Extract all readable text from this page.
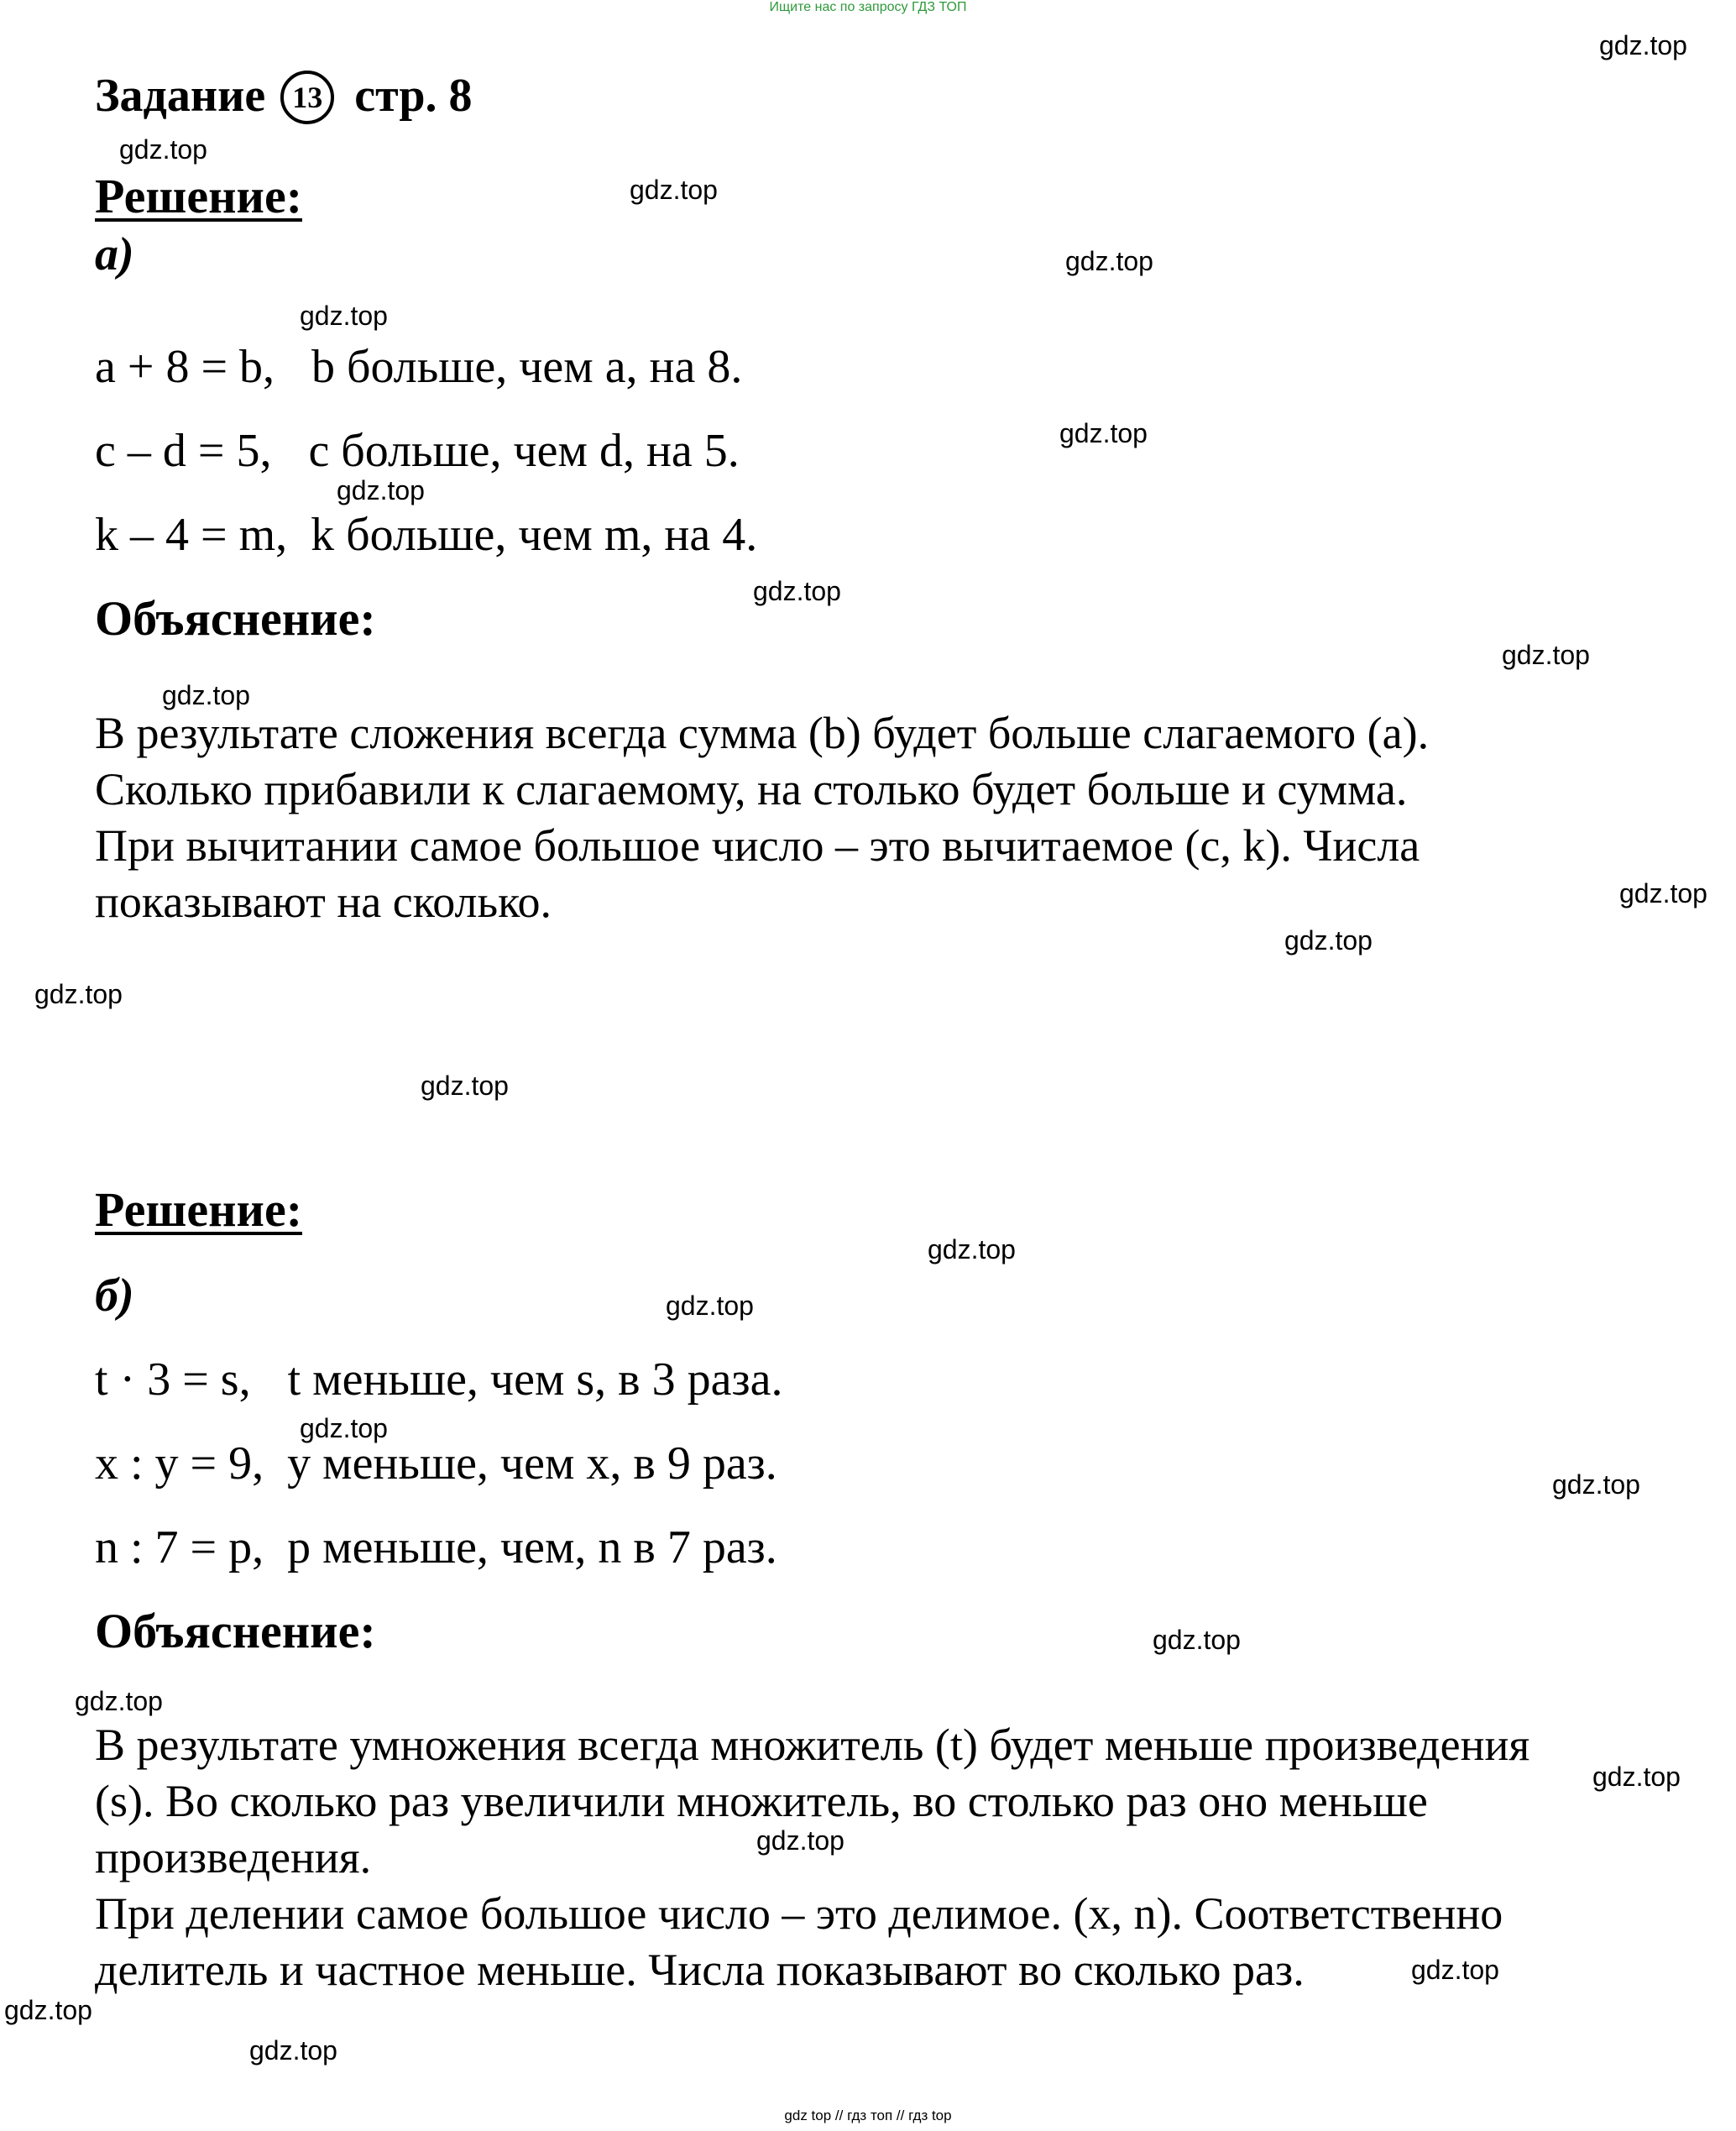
Ищите нас по запросу ГДЗ ТОП
Задание 13 стр. 8
Решение:
а)
a + 8 = b, b больше, чем a, на 8.
c – d = 5, c больше, чем d, на 5.
k – 4 = m, k больше, чем m, на 4.
Объяснение:
В результате сложения всегда сумма (b) будет больше слагаемого (a).
Сколько прибавили к слагаемому, на столько будет больше и сумма.
При вычитании самое большое число – это вычитаемое (c, k). Числа
показывают на сколько.
Решение:
б)
t · 3 = s, t меньше, чем s, в 3 раза.
x : y = 9, y меньше, чем x, в 9 раз.
n : 7 = p, p меньше, чем, n в 7 раз.
Объяснение:
В результате умножения всегда множитель (t) будет меньше произведения
(s). Во сколько раз увеличили множитель, во столько раз оно меньше
произведения.
При делении самое большое число – это делимое. (x, n). Соответственно
делитель и частное меньше. Числа показывают во сколько раз.
gdz.top
gdz.top
gdz.top
gdz.top
gdz.top
gdz.top
gdz.top
gdz.top
gdz.top
gdz.top
gdz.top
gdz.top
gdz.top
gdz.top
gdz.top
gdz.top
gdz.top
gdz.top
gdz.top
gdz.top
gdz.top
gdz.top
gdz.top
gdz.top
gdz.top
gdz top // гдз топ // гдз top
